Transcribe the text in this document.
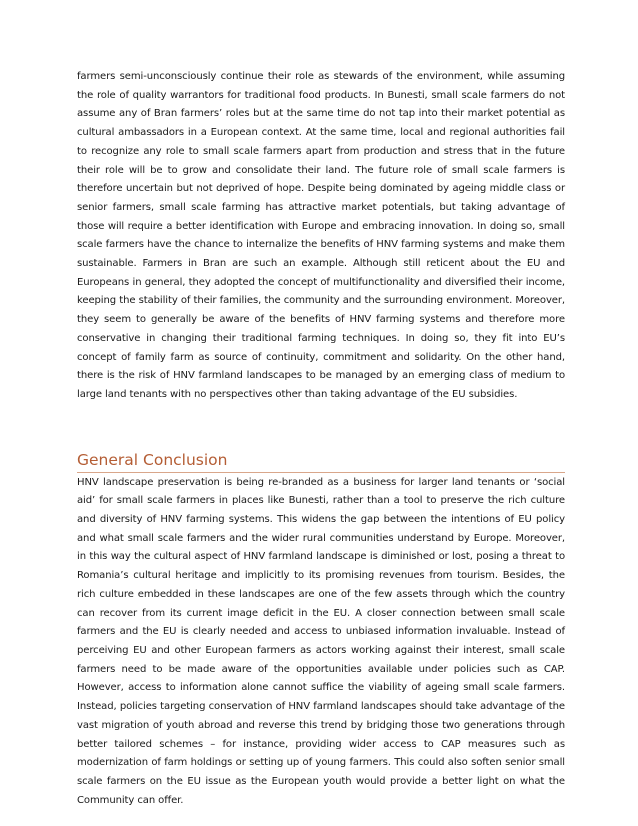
farmers semi-unconsciously continue their role as stewards of the environment, while assuming the role of quality warrantors for traditional food products. In Bunesti, small scale farmers do not assume any of Bran farmers’ roles but at the same time do not tap into their market potential as cultural ambassadors in a European context. At the same time, local and regional authorities fail to recognize any role to small scale farmers apart from production and stress that in the future their role will be to grow and consolidate their land. The future role of small scale farmers is therefore uncertain but not deprived of hope. Despite being dominated by ageing middle class or senior farmers, small scale farming has attractive market potentials, but taking advantage of those will require a better identification with Europe and embracing innovation. In doing so, small scale farmers have the chance to internalize the benefits of HNV farming systems and make them sustainable. Farmers in Bran are such an example. Although still reticent about the EU and Europeans in general, they adopted the concept of multifunctionality and diversified their income, keeping the stability of their families, the community and the surrounding environment. Moreover, they seem to generally be aware of the benefits of HNV farming systems and therefore more conservative in changing their traditional farming techniques. In doing so, they fit into EU’s concept of family farm as source of continuity, commitment and solidarity. On the other hand, there is the risk of HNV farmland landscapes to be managed by an emerging class of medium to large land tenants with no perspectives other than taking advantage of the EU subsidies.

General Conclusion

HNV landscape preservation is being re-branded as a business for larger land tenants or ‘social aid’ for small scale farmers in places like Bunesti, rather than a tool to preserve the rich culture and diversity of HNV farming systems. This widens the gap between the intentions of EU policy and what small scale farmers and the wider rural communities understand by Europe. Moreover, in this way the cultural aspect of HNV farmland landscape is diminished or lost, posing a threat to Romania’s cultural heritage and implicitly to its promising revenues from tourism. Besides, the rich culture embedded in these landscapes are one of the few assets through which the country can recover from its current image deficit in the EU. A closer connection between small scale farmers and the EU is clearly needed and access to unbiased information invaluable. Instead of perceiving EU and other European farmers as actors working against their interest, small scale farmers need to be made aware of the opportunities available under policies such as CAP. However, access to information alone cannot suffice the viability of ageing small scale farmers. Instead, policies targeting conservation of HNV farmland landscapes should take advantage of the vast migration of youth abroad and reverse this trend by bridging those two generations through better tailored schemes – for instance, providing wider access to CAP measures such as modernization of farm holdings or setting up of young farmers. This could also soften senior small scale farmers on the EU issue as the European youth would provide a better light on what the Community can offer.
